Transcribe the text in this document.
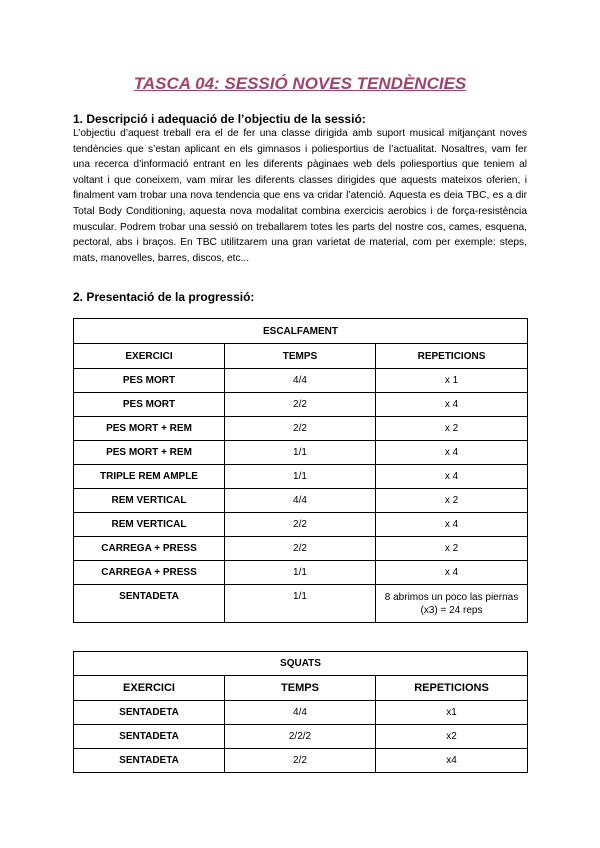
TASCA 04: SESSIÓ NOVES TENDÈNCIES
1. Descripció i adequació de l’objectiu de la sessió:
L’objectiu d’aquest treball era el de fer una classe dirigida amb suport musical mitjançant noves tendències que s’estan aplicant en els gimnasos i poliesportius de l’actualitat. Nosaltres, vam fer una recerca d’informació entrant en les diferents pàginaes web dels poliesportius que teniem al voltant i que coneixem, vam mirar les diferents classes dirigides que aquests mateixos oferien, i finalment vam trobar una nova tendencia que ens va cridar l’atenció. Aquesta es deia TBC, es a dir Total Body Conditioning, aquesta nova modalitat combina exercicis aerobics i de força-resistència muscular. Podrem trobar una sessió on treballarem totes les parts del nostre cos, cames, esquena, pectoral, abs i braços. En TBC utilitzarem una gran varietat de material, com per exemple: steps, mats, manovelles, barres, discos, etc...
2. Presentació de la progressió:
ESCALFAMENT		
EXERCICI	TEMPS	REPETICIONS
PES MORT	4/4	x 1
PES MORT	2/2	x 4
PES MORT + REM	2/2	x 2
PES MORT + REM	1/1	x 4
TRIPLE REM AMPLE	1/1	x 4
REM VERTICAL	4/4	x 2
REM VERTICAL	2/2	x 4
CARREGA + PRESS	2/2	x 2
CARREGA + PRESS	1/1	x 4
SENTADETA	1/1	8 abrimos un poco las piernas (x3) = 24 reps
SQUATS		
EXERCICI	TEMPS	REPETICIONS
SENTADETA	4/4	x1
SENTADETA	2/2/2	x2
SENTADETA	2/2	x4
